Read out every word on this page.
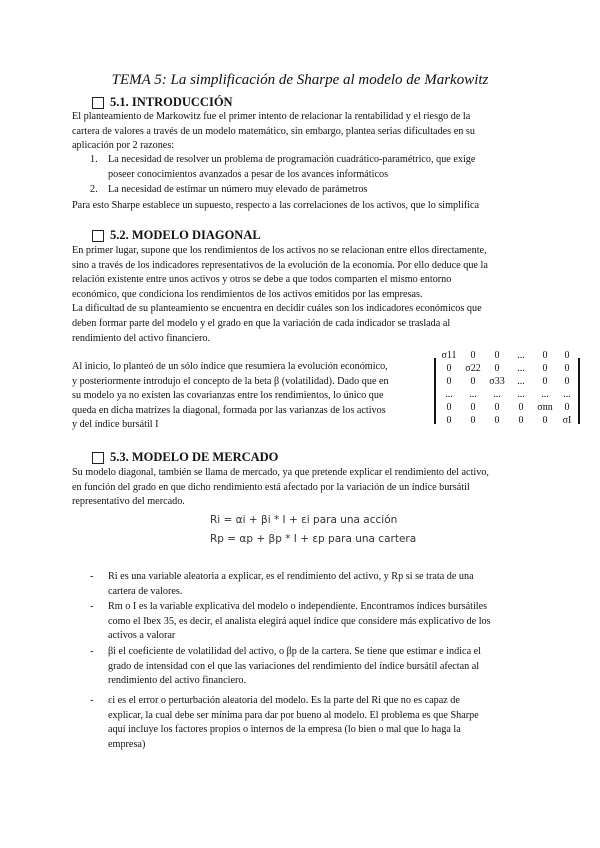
TEMA 5: La simplificación de Sharpe al modelo de Markowitz
5.1. INTRODUCCIÓN
El planteamiento de Markowitz fue el primer intento de relacionar la rentabilidad y el riesgo de la
cartera de valores a través de un modelo matemático, sin embargo, plantea serias dificultades en su
aplicación por 2 razones:
1. La necesidad de resolver un problema de programación cuadrático-paramétrico, que exige
poseer conocimientos avanzados a pesar de los avances informáticos
2. La necesidad de estimar un número muy elevado de parámetros
Para esto Sharpe establece un supuesto, respecto a las correlaciones de los activos, que lo simplifica
5.2. MODELO DIAGONAL
En primer lugar, supone que los rendimientos de los activos no se relacionan entre ellos directamente,
sino a través de los indicadores representativos de la evolución de la economía. Por ello deduce que la
relación existente entre unos activos y otros se debe a que todos comparten el mismo entorno
económico, que condiciona los rendimientos de los activos emitidos por las empresas.
La dificultad de su planteamiento se encuentra en decidir cuáles son los indicadores económicos que
deben formar parte del modelo y el grado en que la variación de cada indicador se traslada al
rendimiento del activo financiero.
Al inicio, lo planteó de un sólo índice que resumiera la evolución económico,
y posteriormente introdujo el concepto de la beta β (volatilidad). Dado que en
su modelo ya no existen las covarianzas entre los rendimientos, lo único que
queda en dicha matrizes la diagonal, formada por las varianzas de los activos
y del índice bursátil I
σ11	0	0	...	0	0
0	σ22	0	...	0	0
0	0	σ33	...	0	0
...	...	...	...	...	...
0	0	0	0	σnn	0
0	0	0	0	0	σI
5.3. MODELO DE MERCADO
Su modelo diagonal, también se llama de mercado, ya que pretende explicar el rendimiento del activo,
en función del grado en que dicho rendimiento está afectado por la variación de un índice bursátil
representativo del mercado.
Ri = αi + βi * I + εi para una acción
Rp = αp + βp * I + εp para una cartera
- Ri es una variable aleatoria a explicar, es el rendimiento del activo, y Rp si se trata de una
cartera de valores.
- Rm o I es la variable explicativa del modelo o independiente. Encontramos índices bursátiles
como el Ibex 35, es decir, el analista elegirá aquel índice que considere más explicativo de los
activos a valorar
- βi el coeficiente de volatilidad del activo, o βp de la cartera. Se tiene que estimar e indica el
grado de intensidad con el que las variaciones del rendimiento del índice bursátil afectan al
rendimiento del activo financiero.
- εi es el error o perturbación aleatoria del modelo. Es la parte del Ri que no es capaz de
explicar, la cual debe ser mínima para dar por bueno al modelo. El problema es que Sharpe
aquí incluye los factores propios o internos de la empresa (lo bien o mal que lo haga la
empresa)
